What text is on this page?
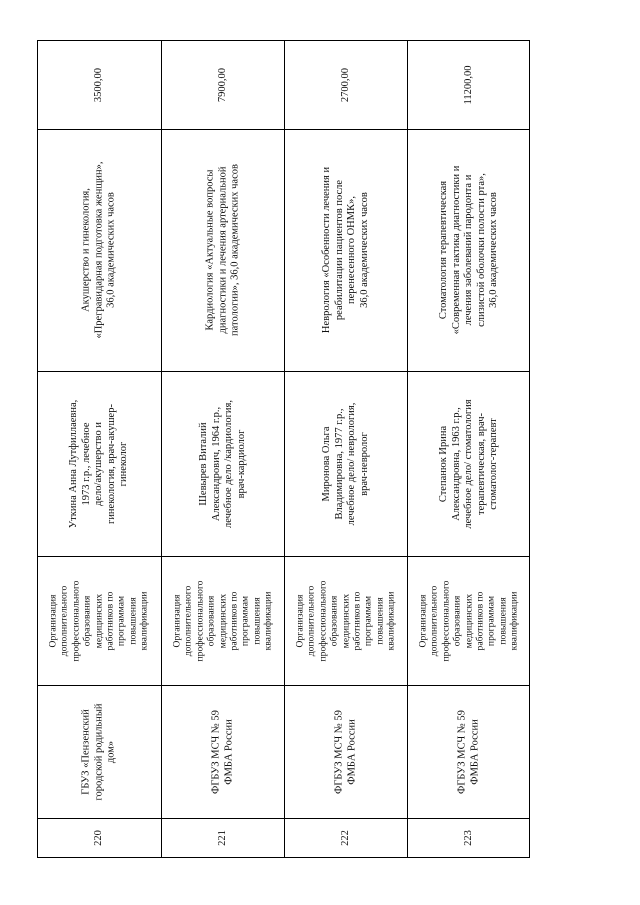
3500,00
Акушерство и гинекология, «Прегравидарная подготовка женщин», 36,0 академических часов
Уткина Анна Лутфиллаевна, 1973 г.р., лечебное дело/акушерство и гинекология, врач-акушер- гинеколог
Организация дополнительного профессионального образования медицинских работников по программам повышения квалификации
ГБУЗ «Пензенский городской родильный дом»
220
7900,00
Кардиология «Актуальные вопросы диагностики и лечения артериальной патологии», 36,0 академических часов
Шевырев Виталий Александрович, 1964 г.р., лечебное дело /кардиология, врач-кардиолог
Организация дополнительного профессионального образования медицинских работников по программам повышения квалификации
ФГБУЗ МСЧ № 59 ФМБА России
221
2700,00
Неврология «Особенности лечения и реабилитации пациентов после перенесенного ОНМК», 36,0 академических часов
Миронова Ольга Владимировна, 1977 г.р., лечебное дело/ неврология, врач-невролог
Организация дополнительного профессионального образования медицинских работников по программам повышения квалификации
ФГБУЗ МСЧ № 59 ФМБА России
222
11200,00
Стоматология терапевтическая «Современная тактика диагностики и лечения заболеваний пародонта и слизистой оболочки полости рта», 36,0 академических часов
Степанюк Ирина Александровна, 1963 г.р., лечебное дело/ стоматология терапевтическая, врач- стоматолог-терапевт
Организация дополнительного профессионального образования медицинских работников по программам повышения квалификации
ФГБУЗ МСЧ № 59 ФМБА России
223
